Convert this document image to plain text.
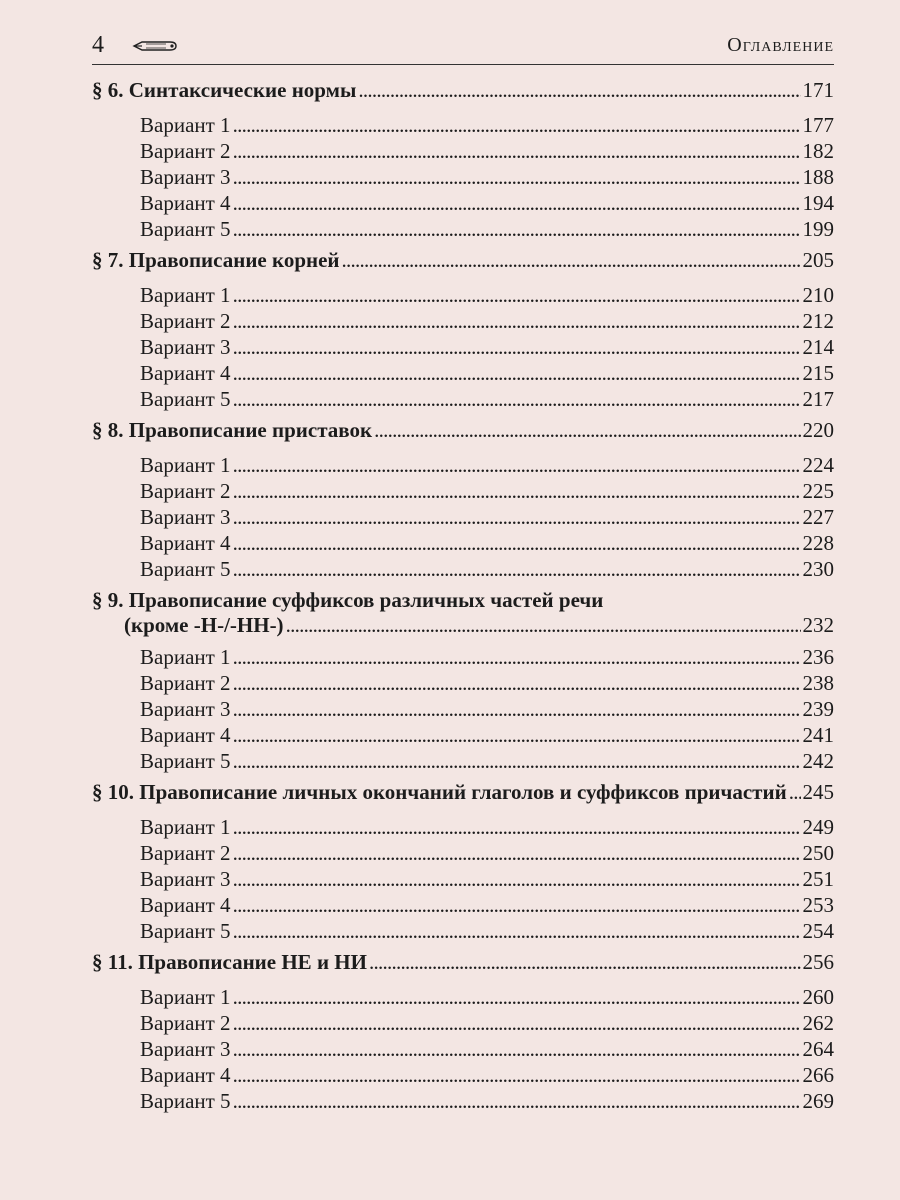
4	Оглавление
§ 6. Синтаксические нормы . . .	171
Вариант 1 . . .	177
Вариант 2 . . .	182
Вариант 3 . . .	188
Вариант 4 . . .	194
Вариант 5 . . .	199
§ 7. Правописание корней . . .	205
Вариант 1 . . .	210
Вариант 2 . . .	212
Вариант 3 . . .	214
Вариант 4 . . .	215
Вариант 5 . . .	217
§ 8. Правописание приставок . . .	220
Вариант 1 . . .	224
Вариант 2 . . .	225
Вариант 3 . . .	227
Вариант 4 . . .	228
Вариант 5 . . .	230
§ 9. Правописание суффиксов различных частей речи
(кроме -Н-/-НН-) . . .	232
Вариант 1 . . .	236
Вариант 2 . . .	238
Вариант 3 . . .	239
Вариант 4 . . .	241
Вариант 5 . . .	242
§ 10. Правописание личных окончаний глаголов и суффиксов причастий . . . 245
Вариант 1 . . .	249
Вариант 2 . . .	250
Вариант 3 . . .	251
Вариант 4 . . .	253
Вариант 5 . . .	254
§ 11. Правописание НЕ и НИ . . .	256
Вариант 1 . . .	260
Вариант 2 . . .	262
Вариант 3 . . .	264
Вариант 4 . . .	266
Вариант 5 . . .	269
